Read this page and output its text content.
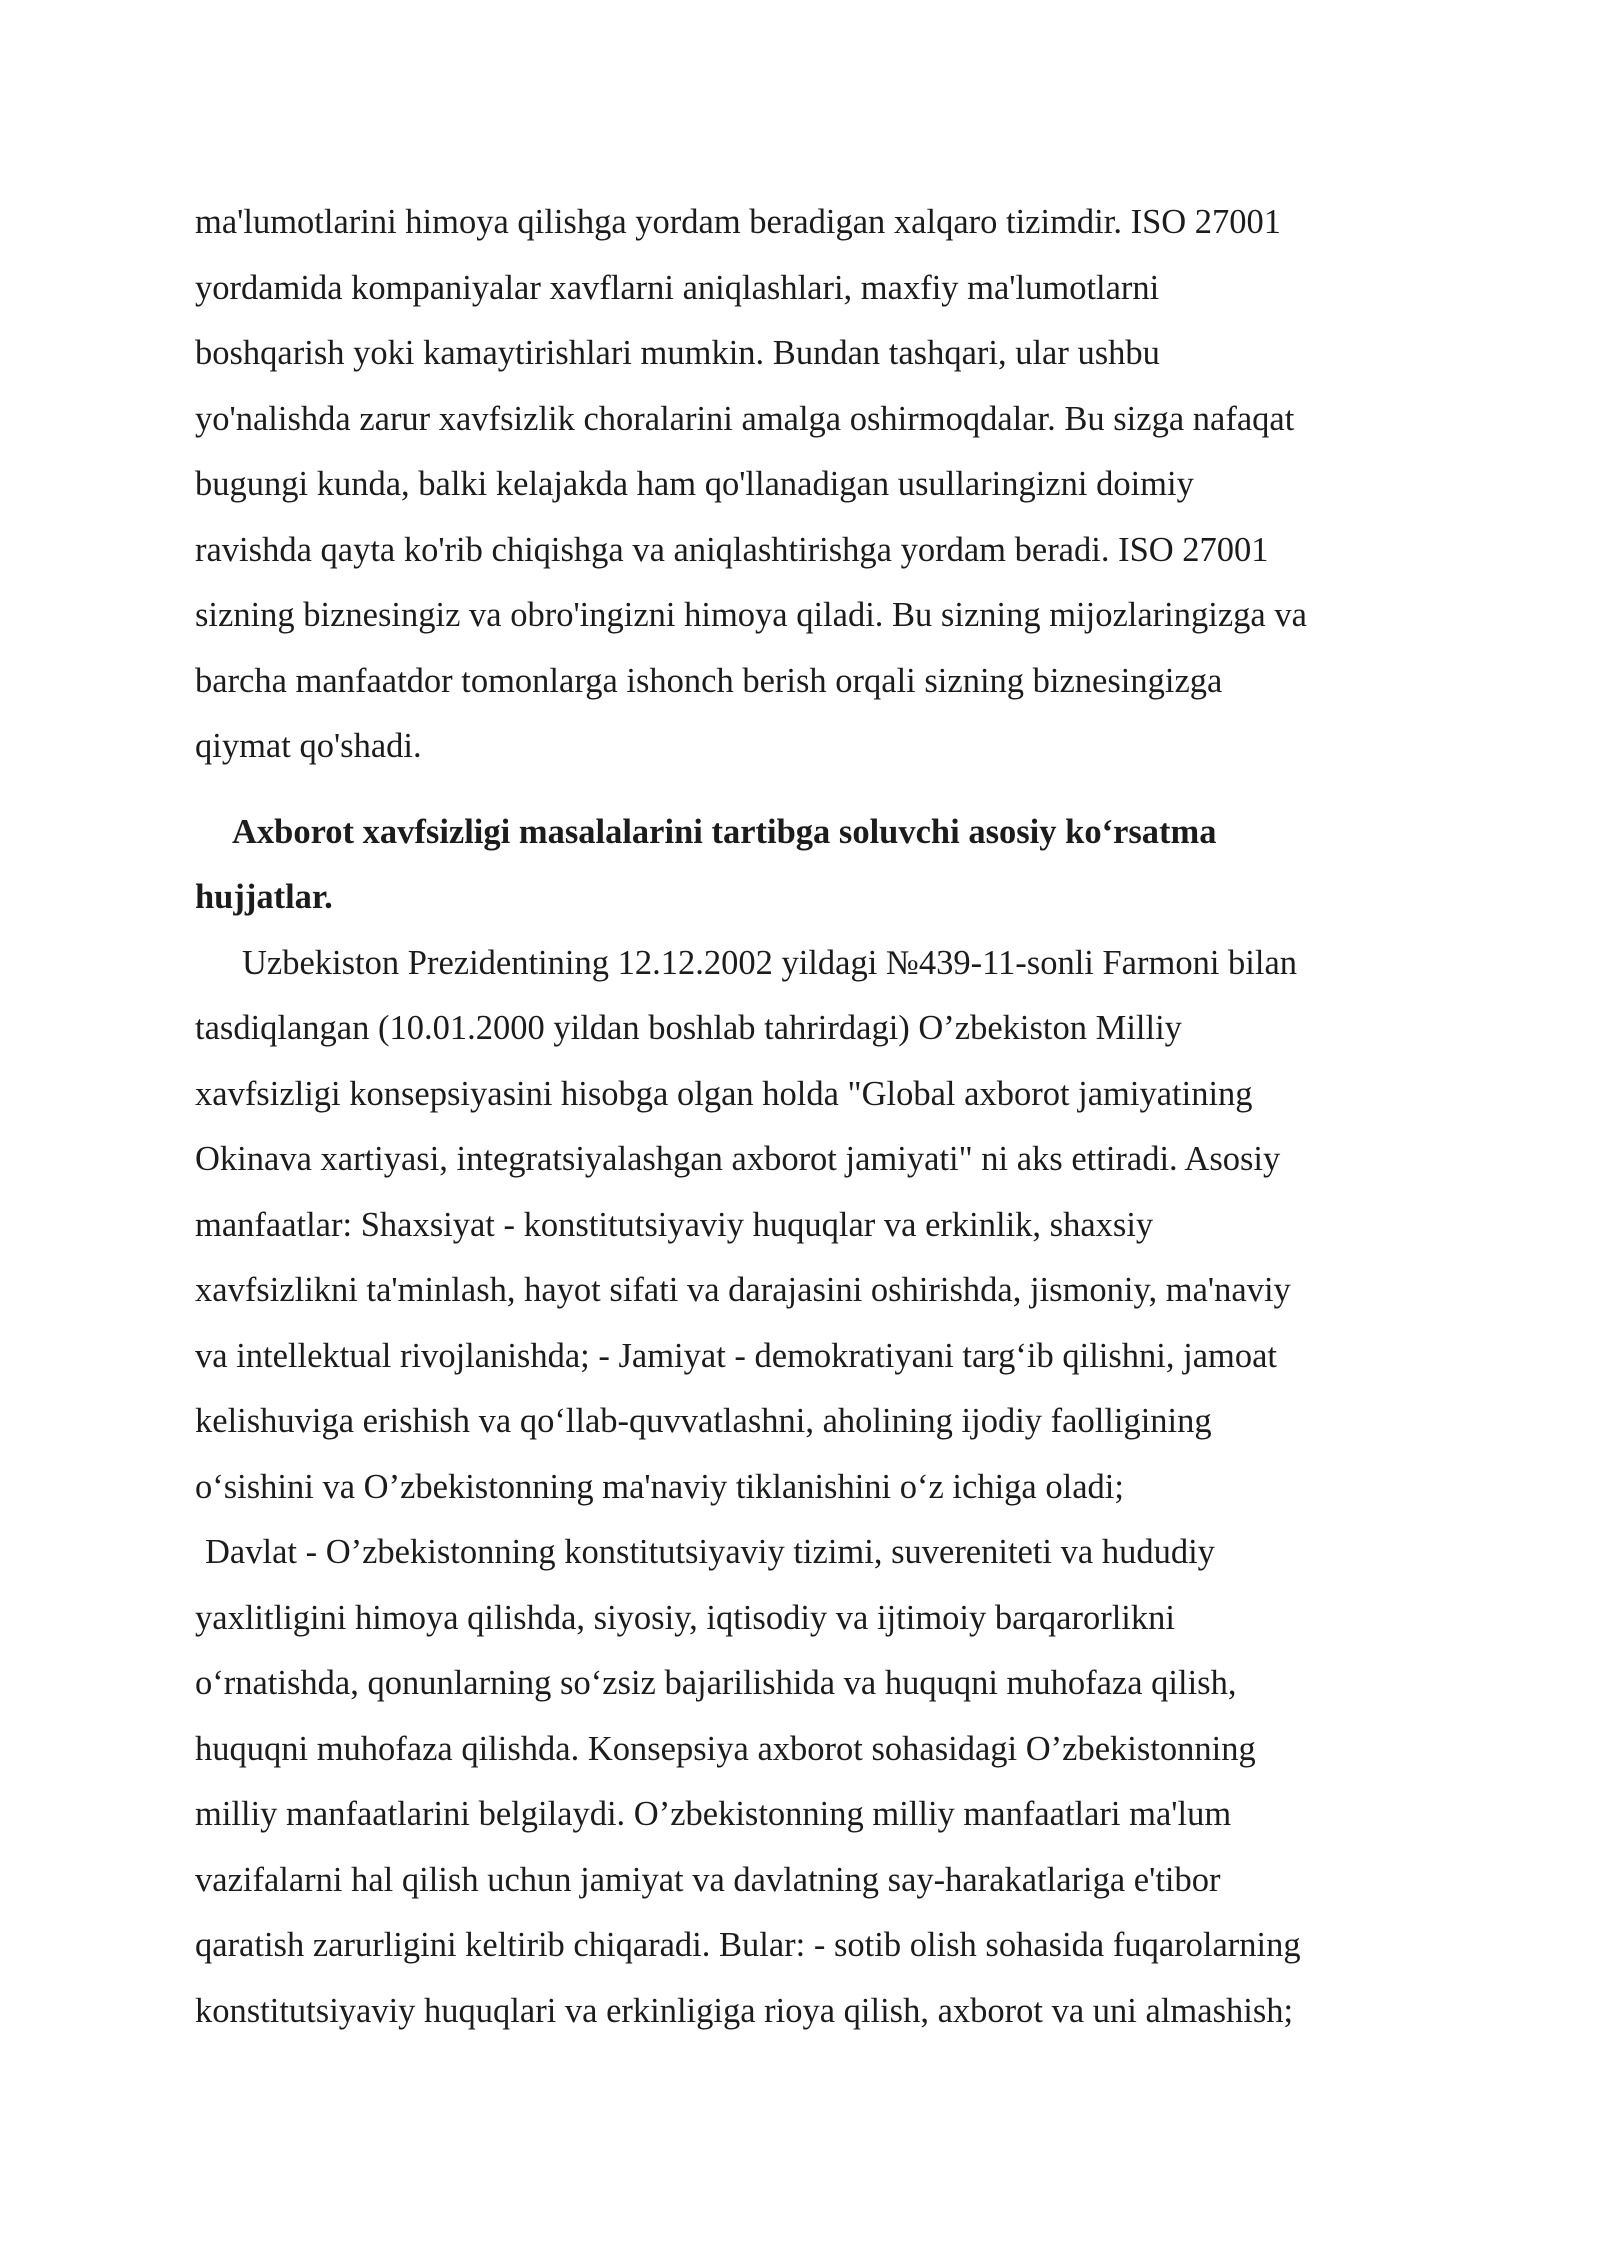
ma'lumotlarini himoya qilishga yordam beradigan xalqaro tizimdir. ISO 27001
yordamida kompaniyalar xavflarni aniqlashlari, maxfiy ma'lumotlarni
boshqarish yoki kamaytirishlari mumkin. Bundan tashqari, ular ushbu
yo'nalishda zarur xavfsizlik choralarini amalga oshirmoqdalar. Bu sizga nafaqat
bugungi kunda, balki kelajakda ham qo'llanadigan usullaringizni doimiy
ravishda qayta ko'rib chiqishga va aniqlashtirishga yordam beradi. ISO 27001
sizning biznesingiz va obro'ingizni himoya qiladi. Bu sizning mijozlaringizga va
barcha manfaatdor tomonlarga ishonch berish orqali sizning biznesingizga
qiymat qo'shadi.
Axborot xavfsizligi masalalarini tartibga soluvchi asosiy ko‘rsatma
hujjatlar.
Uzbekiston Prezidentining 12.12.2002 yildagi №439-11-sonli Farmoni bilan
tasdiqlangan (10.01.2000 yildan boshlab tahrirdagi) O’zbekiston Milliy
xavfsizligi konsepsiyasini hisobga olgan holda "Global axborot jamiyatining
Okinava xartiyasi, integratsiyalashgan axborot jamiyati" ni aks ettiradi. Asosiy
manfaatlar: Shaxsiyat - konstitutsiyaviy huquqlar va erkinlik, shaxsiy
xavfsizlikni ta'minlash, hayot sifati va darajasini oshirishda, jismoniy, ma'naviy
va intellektual rivojlanishda; - Jamiyat - demokratiyani targ‘ib qilishni, jamoat
kelishuviga erishish va qo‘llab-quvvatlashni, aholining ijodiy faolligining
o‘sishini va O’zbekistonning ma'naviy tiklanishini o‘z ichiga oladi;
Davlat - O’zbekistonning konstitutsiyaviy tizimi, suvereniteti va hududiy
yaxlitligini himoya qilishda, siyosiy, iqtisodiy va ijtimoiy barqarorlikni
o‘rnatishda, qonunlarning so‘zsiz bajarilishida va huquqni muhofaza qilish,
huquqni muhofaza qilishda. Konsepsiya axborot sohasidagi O’zbekistonning
milliy manfaatlarini belgilaydi. O’zbekistonning milliy manfaatlari ma'lum
vazifalarni hal qilish uchun jamiyat va davlatning say-harakatlariga e'tibor
qaratish zarurligini keltirib chiqaradi. Bular: - sotib olish sohasida fuqarolarning
konstitutsiyaviy huquqlari va erkinligiga rioya qilish, axborot va uni almashish;
